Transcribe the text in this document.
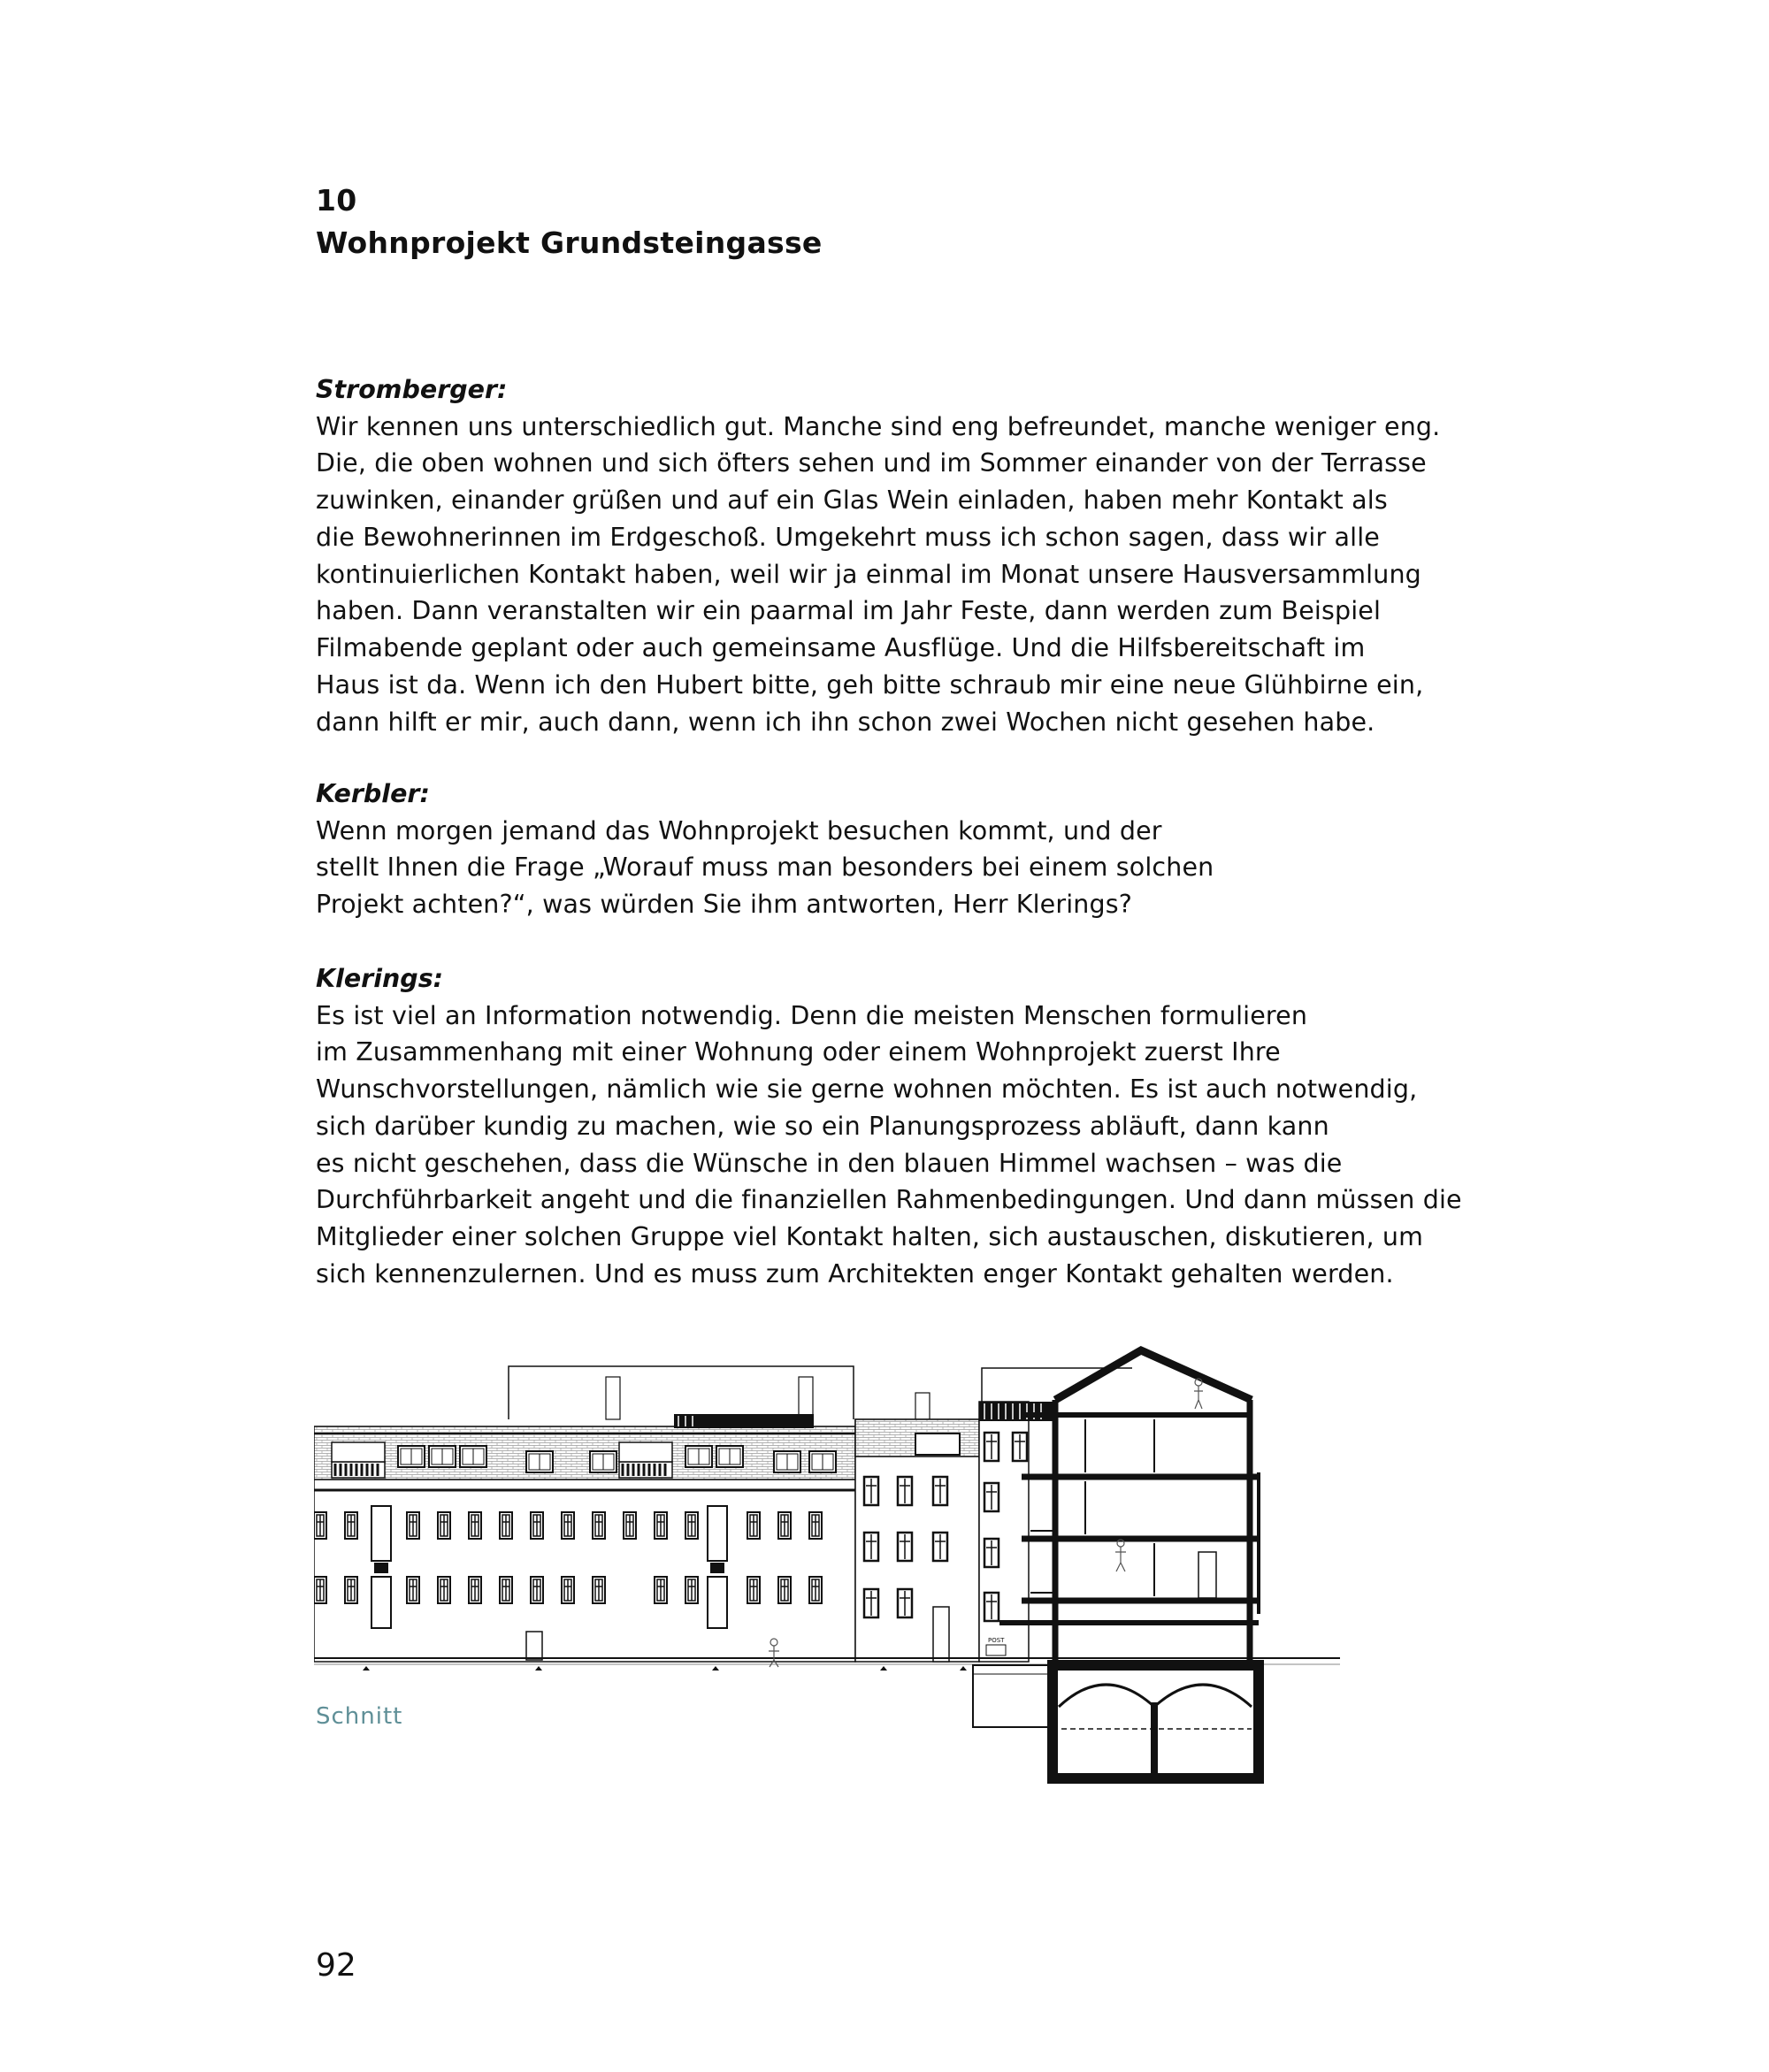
10
Wohnprojekt Grundsteingasse

Stromberger:

Wir kennen uns unterschiedlich gut. Manche sind eng befreundet, manche weniger eng.
Die, die oben wohnen und sich öfters sehen und im Sommer einander von der Terrasse
zuwinken, einander grüßen und auf ein Glas Wein einladen, haben mehr Kontakt als
die Bewohnerinnen im Erdgeschoß. Umgekehrt muss ich schon sagen, dass wir alle
kontinuierlichen Kontakt haben, weil wir ja einmal im Monat unsere Hausversammlung
haben. Dann veranstalten wir ein paarmal im Jahr Feste, dann werden zum Beispiel
Filmabende geplant oder auch gemeinsame Ausflüge. Und die Hilfsbereitschaft im
Haus ist da. Wenn ich den Hubert bitte, geh bitte schraub mir eine neue Glühbirne ein,
dann hilft er mir, auch dann, wenn ich ihn schon zwei Wochen nicht gesehen habe.

Kerbler:

Wenn morgen jemand das Wohnprojekt besuchen kommt, und der
stellt Ihnen die Frage „Worauf muss man besonders bei einem solchen
Projekt achten?“, was würden Sie ihm antworten, Herr Klerings?

Klerings:

Es ist viel an Information notwendig. Denn die meisten Menschen formulieren
im Zusammenhang mit einer Wohnung oder einem Wohnprojekt zuerst Ihre
Wunschvorstellungen, nämlich wie sie gerne wohnen möchten. Es ist auch notwendig,
sich darüber kundig zu machen, wie so ein Planungsprozess abläuft, dann kann
es nicht geschehen, dass die Wünsche in den blauen Himmel wachsen – was die
Durchführbarkeit angeht und die finanziellen Rahmenbedingungen. Und dann müssen die
Mitglieder einer solchen Gruppe viel Kontakt halten, sich austauschen, diskutieren, um
sich kennenzulernen. Und es muss zum Architekten enger Kontakt gehalten werden.

POST
Schnitt
92
